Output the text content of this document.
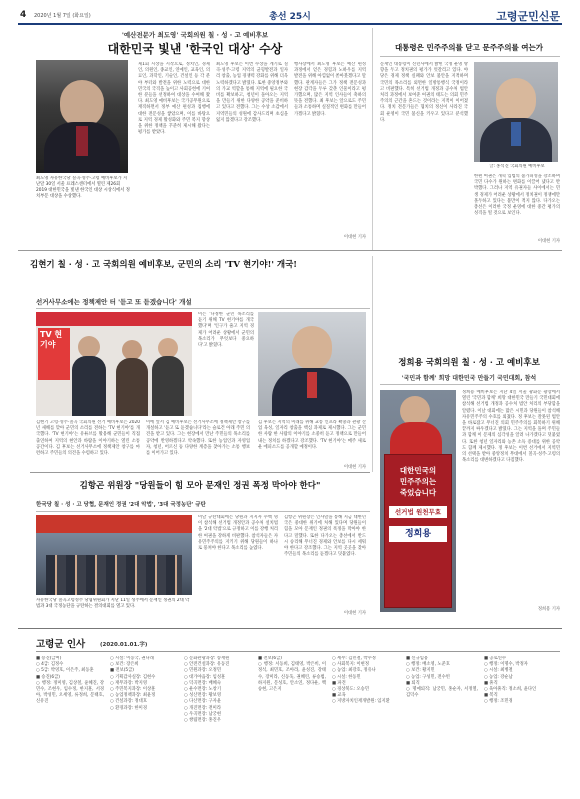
4 2020년 1월 7일 (화요일)	총선 25시	고령군민신문
'예산전문가 최도영' 국회의원 칠 · 성 · 고 예비후보
대한민국 빛낸 '한국인 대상' 수상
최도영 자유한국당 칠곡·성주·고령 예비후보가 지난달 30일 서울 프레스센터에서 열린 제26회 2019 대한민국을 빛낸 한국인 대상 시상식에서 정치부문 대상을 수상했다.
제1회 시상을 시작으로, 정치인, 경제인, 의원인, 종교인, 연예인, 교육인, 의료인, 과학인, 기술인, 건설인 등 각 분야 부터와 발전을 위한 노력으로 대한민국의 국격을 높이고 사회공헌에 기여한 분들을 선정하여 대상을 수여해 왔다. 최도영 예비후보는 국가공무원으로 재직하면서 정부 예산 편성과 집행에 대한 전문성을 쌓았으며, 이를 바탕으로 지역 경제 활성화와 주민 복지 향상을 위한 정책을 꾸준히 제시해 왔다는 평가를 받았다.
최도영 후보는 이번 수상을 계기로 칠곡·성주·고령 지역의 균형발전과 일자리 창출, 농업 경쟁력 강화를 위해 더욱 노력하겠다고 밝혔다. 또한 중앙정부와의 가교 역할을 통해 지역에 필요한 국비를 확보하고, 청년이 돌아오는 지역을 만들기 위한 다양한 공약을 준비하고 있다고 전했다. 그는 수상 소감에서 지역민들의 성원에 감사드리며 초심을 잃지 않겠다고 강조했다.
행사장에서 최도영 후보는 예산 편성 과정에서 얻은 경험과 노하우를 지역 발전을 위해 아낌없이 쏟아붓겠다고 말했다. 관계자들은 그가 정책 전문성과 현장 감각을 두루 갖춘 인물이라고 평가했으며, 많은 지역 인사들이 축하의 뜻을 전했다. 최 후보는 앞으로도 주민들과 소통하며 실질적인 변화를 만들어 가겠다고 밝혔다.
이대현 기자
대통령은 민주주의를 닫고 문주주의를 여는가
문재인 대통령이 신년사에서 밝힌 국정 운영 방향을 두고 정치권의 평가가 엇갈리고 있다. 야당은 경제 정책 실패와 안보 불안을 지적하며 국민의 목소리를 외면한 일방통행식 국정이라고 비판했다. 특히 선거법 개정과 공수처 법안 처리 과정에서 보여준 여권의 태도는 의회 민주주의의 근간을 흔드는 것이라는 지적이 이어졌다. 정치 전문가들은 협치의 정신이 사라진 국회 운영이 국민 불신을 키우고 있다고 분석했다.
글: 홍석진 국회의원 예비후보
한편 여권은 개혁 입법의 불가피성을 강조하며 국민 다수가 원하는 변화를 이끌어 냈다고 반박했다. 그러나 지역 유권자들 사이에서는 민생 경제가 어려운 상황에서 정치권이 정쟁에만 몰두하고 있다는 불만이 적지 않다. 다가오는 총선은 이러한 국정 운영에 대한 중간 평가의 성격을 띨 것으로 보인다.
이대현 기자
김현기 칠 · 성 · 고 국회의원 예비후보, 군민의 소리 'TV 현기야!' 개국!
선거사무소에는 정책제안 터 '듣고 또 듣겠습니다' 개설
TV 현기야
이는 '다정한 군민 목소리를 듣기 위해 TV 현기야를 개국했다'며 '인구가 줄고 지역 경제가 어려운 상황에서 군민의 목소리가 무엇보다 중요하다'고 밝혔다.
김현기 고령·성주·칠곡 국회의원 선거 예비후보는 2020년 새해를 맞아 군민의 소리를 전하는 'TV 현기야'를 개국했다. 'TV 현기야'는 유튜브를 활용해 군민들이 직접 출연하여 지역의 현안과 바람을 이야기하는 열린 소통 공간이다. 김 후보는 선거사무소에 정책제안 창구를 마련하고 주민들의 의견을 수렴하고 있다.
이에 앞서 김 예비후보는 선거사무소에 정책제안 창구를 개설하고 '듣고 또 듣겠습니다'라는 슬로건 아래 주민 의견을 받고 있다. 그는 현장에서 만난 주민들의 목소리를 공약에 반영하겠다고 약속했다. 또한 농업인과 자영업자, 청년, 어르신 등 다양한 계층을 찾아가는 소통 행보를 이어가고 있다.
김 후보는 지역의 미래를 위해 교통 인프라 확충과 관광 산업 육성, 일자리 창출을 핵심 과제로 제시했다. 그는 군민 한 사람 한 사람의 이야기를 소중히 듣고 정책으로 만들어 내는 정치를 하겠다고 강조했다. 'TV 현기야'는 매주 새로운 에피소드를 공개할 예정이다.
이대현 기자
정희용 국회의원 칠 · 성 · 고 예비후보
'국민과 함께' 희망 대한민국 만들기 국민대회, 참석
대한민국의
민주주의는
죽었습니다
선거법 원천무효
정희용
정희용 예비후보는 지난 4일 서울 광화문 광장에서 열린 '국민과 함께' 희망 대한민국 만들기 국민대회에 참석해 선거법 개정과 공수처 법안 처리의 부당함을 알렸다. 이날 대회에는 많은 시민과 당원들이 참석해 자유민주주의 수호를 외쳤다. 정 후보는 잘못된 법안을 바로잡고 무너진 의회 민주주의를 회복하기 위해 끝까지 싸우겠다고 밝혔다. 그는 지역을 돌며 주민들과 함께 이 문제의 심각성을 알려 나가겠다고 덧붙였다. 또한 청년 일자리와 농촌 소득 증대를 위한 공약도 함께 제시했다. 정 후보는 이번 선거에서 지역민의 선택을 받아 중앙정치 무대에서 칠곡·성주·고령의 목소리를 대변하겠다고 다짐했다.
정희용 기자
김항곤 위원장 "당원들이 힘 모아 문재인 정권 폭정 막아야 한다"
한국당 칠 · 성 · 고 당협, 문재인 정권 '2대 악법', '3대 국정농단' 규탄
자유한국당 칠곡고령성주 당협위원회가 지난 11일 성주에서 문재인 정권의 2대 악법과 3대 국정농단을 규탄하는 결의대회를 열고 있다.
이날 규탄대회에는 당원과 지지자 수백 명이 참석해 선거법 개정안과 공수처 설치법을 '2대 악법'으로 규정하고 이를 강행 처리한 여권을 강하게 비판했다. 참석자들은 자유민주주의를 지키기 위해 당원들이 하나로 뭉쳐야 한다고 목소리를 높였다.
김항곤 위원장은 인사말을 통해 지금 대한민국은 중대한 위기에 처해 있다며 당원들이 힘을 모아 문재인 정권의 폭정을 막아야 한다고 말했다. 또한 다가오는 총선에서 반드시 승리해 무너진 경제와 안보를 다시 세워야 한다고 강조했다. 그는 지역 곳곳을 찾아 주민들의 목소리를 듣겠다고 덧붙였다.
이대현 기자
고령군 인사	(2020.01.01.字)
■ 승진(급여)
○ 4급: 김정수
○ 5급: 박영호, 이은주, 최동훈
■ 승진(6급)
○ 행정: 정미영, 김상철, 윤혜진, 강민수, 조현우, 임수정, 한지훈, 서경아, 박성민, 오세영, 류정희, 문태호, 신유진
○ 시설: 이동국, 권나래
○ 보건: 장은희
■ 전보(5급)
○ 기획감사실장: 김현수
○ 재무과장: 박지영
○ 주민복지과장: 이상훈
○ 농업정책과장: 최윤정
○ 건설과장: 정대호
○ 환경과장: 한미경
○ 문화관광과장: 송재원
○ 안전건설과장: 유동진
○ 민원과장: 오정민
○ 대가야읍장: 임성훈
○ 덕곡면장: 배혜숙
○ 운수면장: 노창기
○ 성산면장: 황보영
○ 다산면장: 구자윤
○ 개진면장: 전미라
○ 우곡면장: 남궁현
○ 쌍림면장: 홍진우
■ 전보(6급)
○ 행정: 서동희, 김태영, 박은비, 이정석, 최민호, 조아라, 윤성진, 강태수, 장미라, 신동욱, 권혜린, 류승범, 하지원, 문성호, 안소연, 정다운, 백승현, 고은지
○ 세무: 김민철, 박수정
○ 사회복지: 이현정
○ 농업: 최강호, 정유나
○ 시설: 한동민
■ 파견
○ 경상북도: 오승민
■ 교육
○ 지방자치인재개발원: 임지환
■ 신규임용
○ 행정: 배소영, 노준호
○ 보건: 황지민
○ 농업: 구성민, 전수빈
■ 퇴직
○ 명예퇴직: 남궁민, 홍순자, 서정열, 김덕수
■ 공로연수
○ 행정: 이명수, 박정자
○ 시설: 최병철
○ 농업: 강순남
■ 휴직
○ 육아휴직: 정소희, 윤다인
■ 복직
○ 행정: 조민경
